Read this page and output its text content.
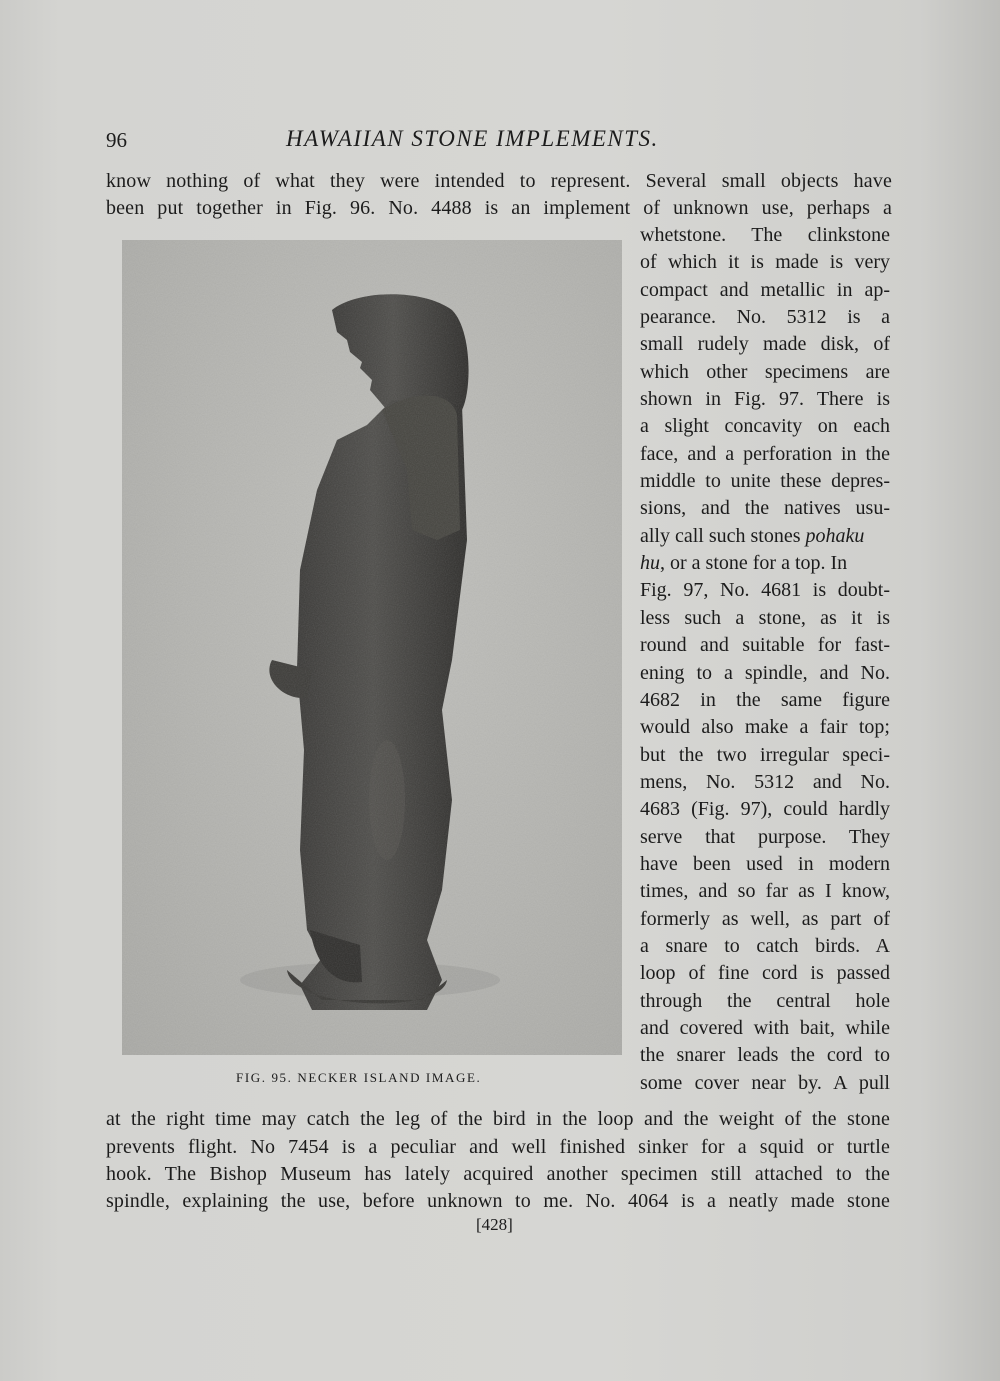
96	HAWAIIAN STONE IMPLEMENTS.
know nothing of what they were intended to represent. Several small objects have
been put together in Fig. 96. No. 4488 is an implement of unknown use, perhaps a
FIG. 95. NECKER ISLAND IMAGE.
whetstone. The clinkstone
of which it is made is very
compact and metallic in ap-
pearance. No. 5312 is a
small rudely made disk, of
which other specimens are
shown in Fig. 97. There is
a slight concavity on each
face, and a perforation in the
middle to unite these depres-
sions, and the natives usu-
ally call such stones pohaku
hu, or a stone for a top. In
Fig. 97, No. 4681 is doubt-
less such a stone, as it is
round and suitable for fast-
ening to a spindle, and No.
4682 in the same figure
would also make a fair top;
but the two irregular speci-
mens, No. 5312 and No.
4683 (Fig. 97), could hardly
serve that purpose. They
have been used in modern
times, and so far as I know,
formerly as well, as part of
a snare to catch birds. A
loop of fine cord is passed
through the central hole
and covered with bait, while
the snarer leads the cord to
some cover near by. A pull
at the right time may catch the leg of the bird in the loop and the weight of the stone
prevents flight. No 7454 is a peculiar and well finished sinker for a squid or turtle
hook. The Bishop Museum has lately acquired another specimen still attached to the
spindle, explaining the use, before unknown to me. No. 4064 is a neatly made stone
[428]
